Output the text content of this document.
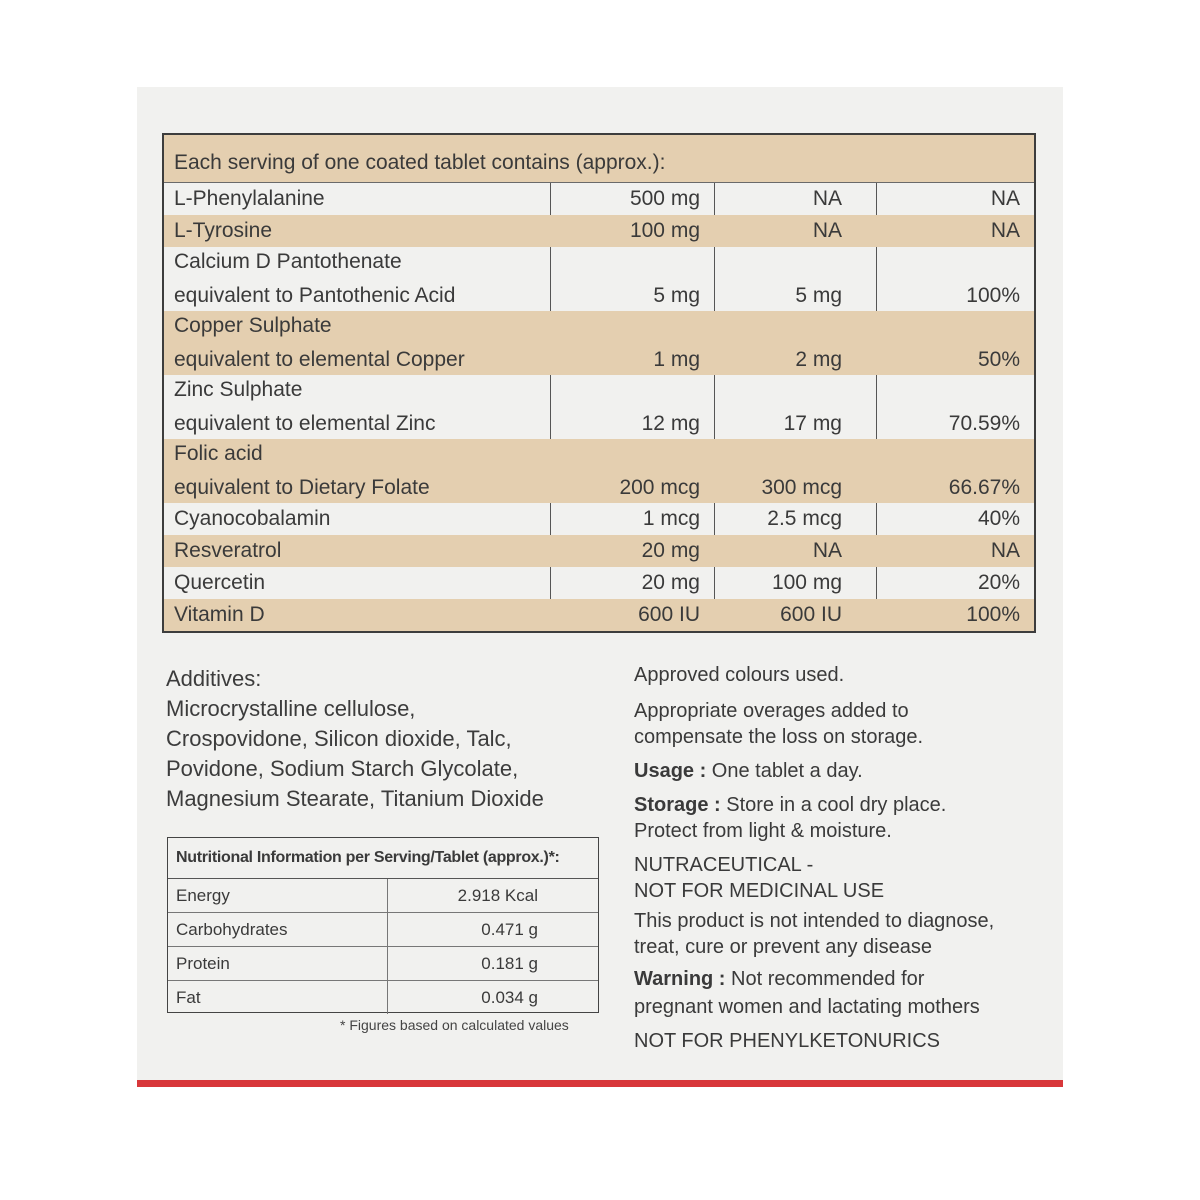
Each serving of one coated tablet contains (approx.):
L-Phenylalanine	500 mg	NA	NA
L-Tyrosine	100 mg	NA	NA
Calcium D Pantothenate
equivalent to Pantothenic Acid	5 mg	5 mg	100%
Copper Sulphate
equivalent to elemental Copper	1 mg	2 mg	50%
Zinc Sulphate
equivalent to elemental Zinc	12 mg	17 mg	70.59%
Folic acid
equivalent to Dietary Folate	200 mcg	300 mcg	66.67%
Cyanocobalamin	1 mcg	2.5 mcg	40%
Resveratrol	20 mg	NA	NA
Quercetin	20 mg	100 mg	20%
Vitamin D	600 IU	600 IU	100%
Additives:
Microcrystalline cellulose,
Crospovidone, Silicon dioxide, Talc,
Povidone, Sodium Starch Glycolate,
Magnesium Stearate, Titanium Dioxide
Nutritional Information per Serving/Tablet (approx.)*:
Energy	2.918 Kcal
Carbohydrates	0.471 g
Protein	0.181 g
Fat	0.034 g
* Figures based on calculated values
Approved colours used.
Appropriate overages added to
compensate the loss on storage.
Usage : One tablet a day.
Storage : Store in a cool dry place.
Protect from light & moisture.
NUTRACEUTICAL -
NOT FOR MEDICINAL USE
This product is not intended to diagnose,
treat, cure or prevent any disease
Warning : Not recommended for
pregnant women and lactating mothers
NOT FOR PHENYLKETONURICS
